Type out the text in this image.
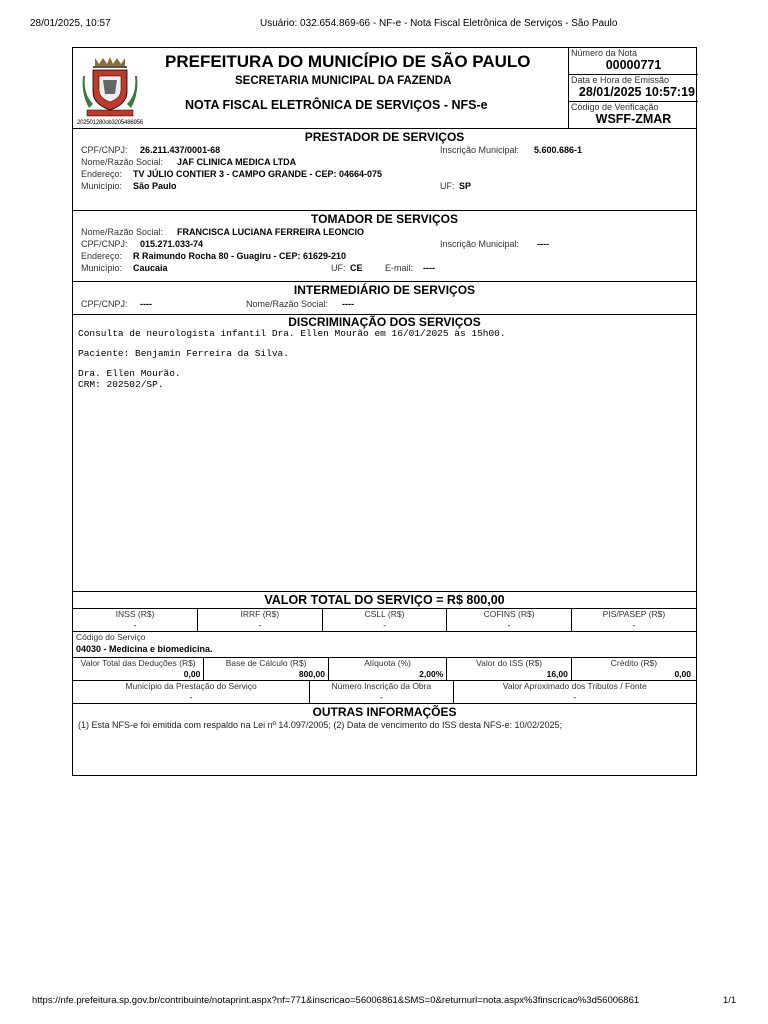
28/01/2025, 10:57	Usuário: 032.654.869-66 - NF-e - Nota Fiscal Eletrônica de Serviços - São Paulo
202501280ob3205486956
PREFEITURA DO MUNICÍPIO DE SÃO PAULO
SECRETARIA MUNICIPAL DA FAZENDA
NOTA FISCAL ELETRÔNICA DE SERVIÇOS - NFS-e
Número da Nota
00000771
Data e Hora de Emissão
28/01/2025 10:57:19
Código de Verificação
WSFF-ZMAR
PRESTADOR DE SERVIÇOS
CPF/CNPJ: 26.211.437/0001-68	Inscrição Municipal: 5.600.686-1
Nome/Razão Social: JAF CLINICA MEDICA LTDA
Endereço: TV JÚLIO CONTIER 3 - CAMPO GRANDE - CEP: 04664-075
Município: São Paulo	UF: SP
TOMADOR DE SERVIÇOS
Nome/Razão Social: FRANCISCA LUCIANA FERREIRA LEONCIO
CPF/CNPJ: 015.271.033-74	Inscrição Municipal: ----
Endereço: R Raimundo Rocha 80 - Guagiru - CEP: 61629-210
Município: Caucaia	UF: CE E-mail: ----
INTERMEDIÁRIO DE SERVIÇOS
CPF/CNPJ: ----	Nome/Razão Social: ----
DISCRIMINAÇÃO DOS SERVIÇOS
Consulta de neurologista infantil Dra. Ellen Mourão em 16/01/2025 às 15h00.
Paciente: Benjamin Ferreira da Silva.
Dra. Ellen Mourão.
CRM: 202502/SP.
VALOR TOTAL DO SERVIÇO = R$ 800,00
INSS (R$)	IRRF (R$)	CSLL (R$)	COFINS (R$)	PIS/PASEP (R$)
-	-	-	-	-
Código do Serviço
04030 - Medicina e biomedicina.
Valor Total das Deduções (R$)	Base de Cálculo (R$)	Alíquota (%)	Valor do ISS (R$)	Crédito (R$)
0,00	800,00	2,00%	16,00	0,00
Município da Prestação do Serviço	Número Inscrição da Obra	Valor Aproximado dos Tributos / Fonte
-	-	-
OUTRAS INFORMAÇÕES
(1) Esta NFS-e foi emitida com respaldo na Lei nº 14.097/2005; (2) Data de vencimento do ISS desta NFS-e: 10/02/2025;
https://nfe.prefeitura.sp.gov.br/contribuinte/notaprint.aspx?nf=771&inscricao=56006861&SMS=0&returnurl=nota.aspx%3finscricao%3d56006861	1/1
